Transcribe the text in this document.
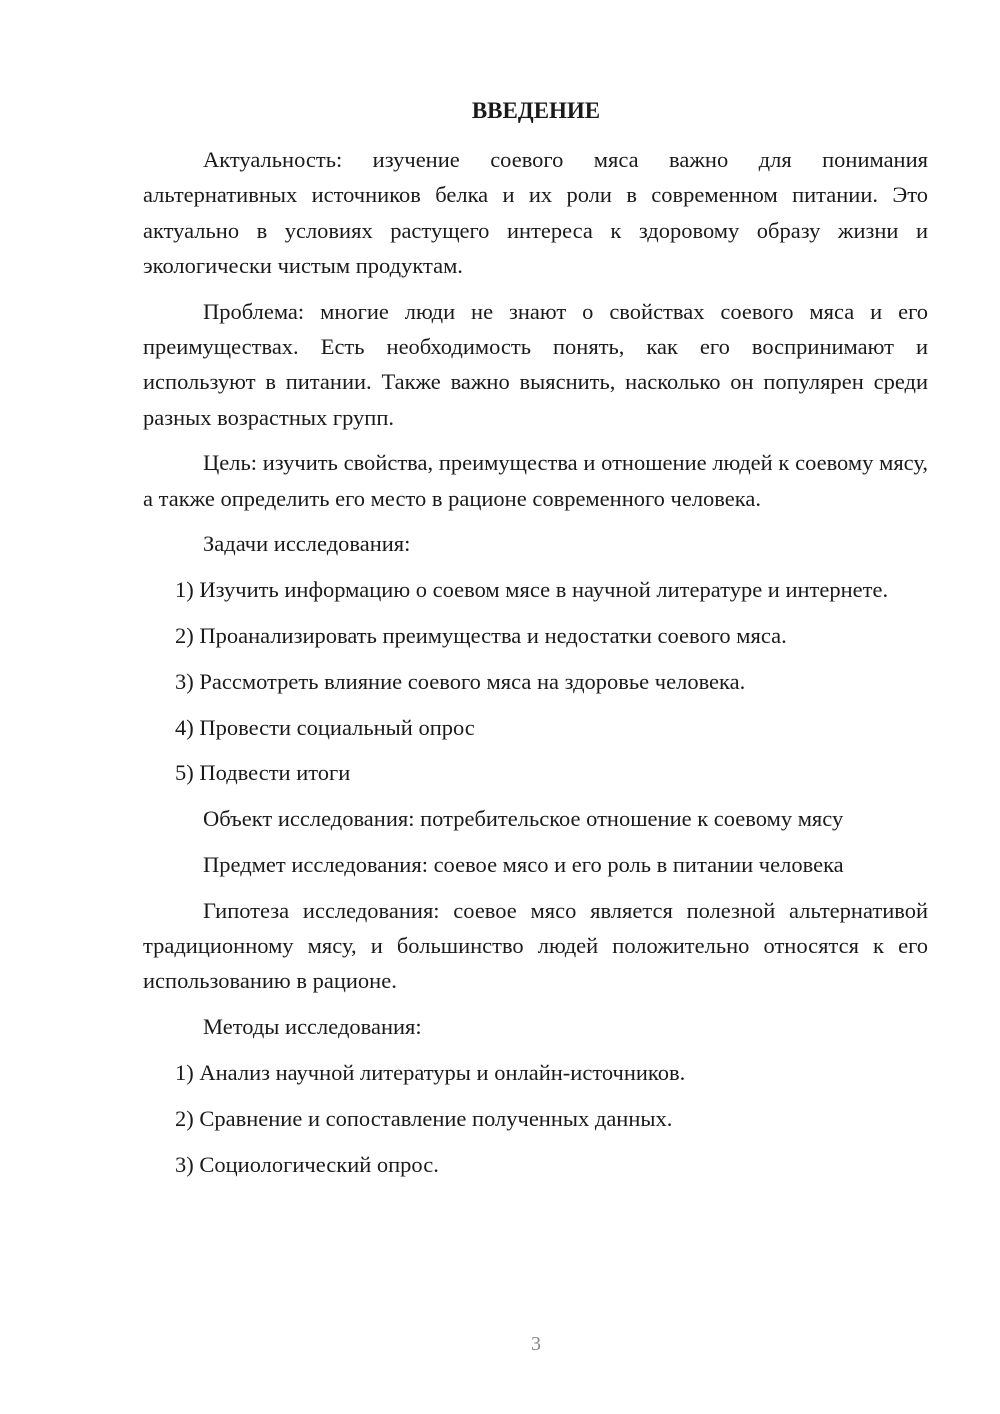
ВВЕДЕНИЕ

Актуальность: изучение соевого мяса важно для понимания альтернативных источников белка и их роли в современном питании. Это актуально в условиях растущего интереса к здоровому образу жизни и экологически чистым продуктам.

Проблема: многие люди не знают о свойствах соевого мяса и его преимуществах. Есть необходимость понять, как его воспринимают и используют в питании. Также важно выяснить, насколько он популярен среди разных возрастных групп.

Цель: изучить свойства, преимущества и отношение людей к соевому мясу, а также определить его место в рационе современного человека.

Задачи исследования:

1) Изучить информацию о соевом мясе в научной литературе и интернете.

2) Проанализировать преимущества и недостатки соевого мяса.

3) Рассмотреть влияние соевого мяса на здоровье человека.

4) Провести социальный опрос

5) Подвести итоги

Объект исследования: потребительское отношение к соевому мясу

Предмет исследования: соевое мясо и его роль в питании человека

Гипотеза исследования: соевое мясо является полезной альтернативой традиционному мясу, и большинство людей положительно относятся к его использованию в рационе.

Методы исследования:

1) Анализ научной литературы и онлайн-источников.

2) Сравнение и сопоставление полученных данных.

3) Социологический опрос.

3
